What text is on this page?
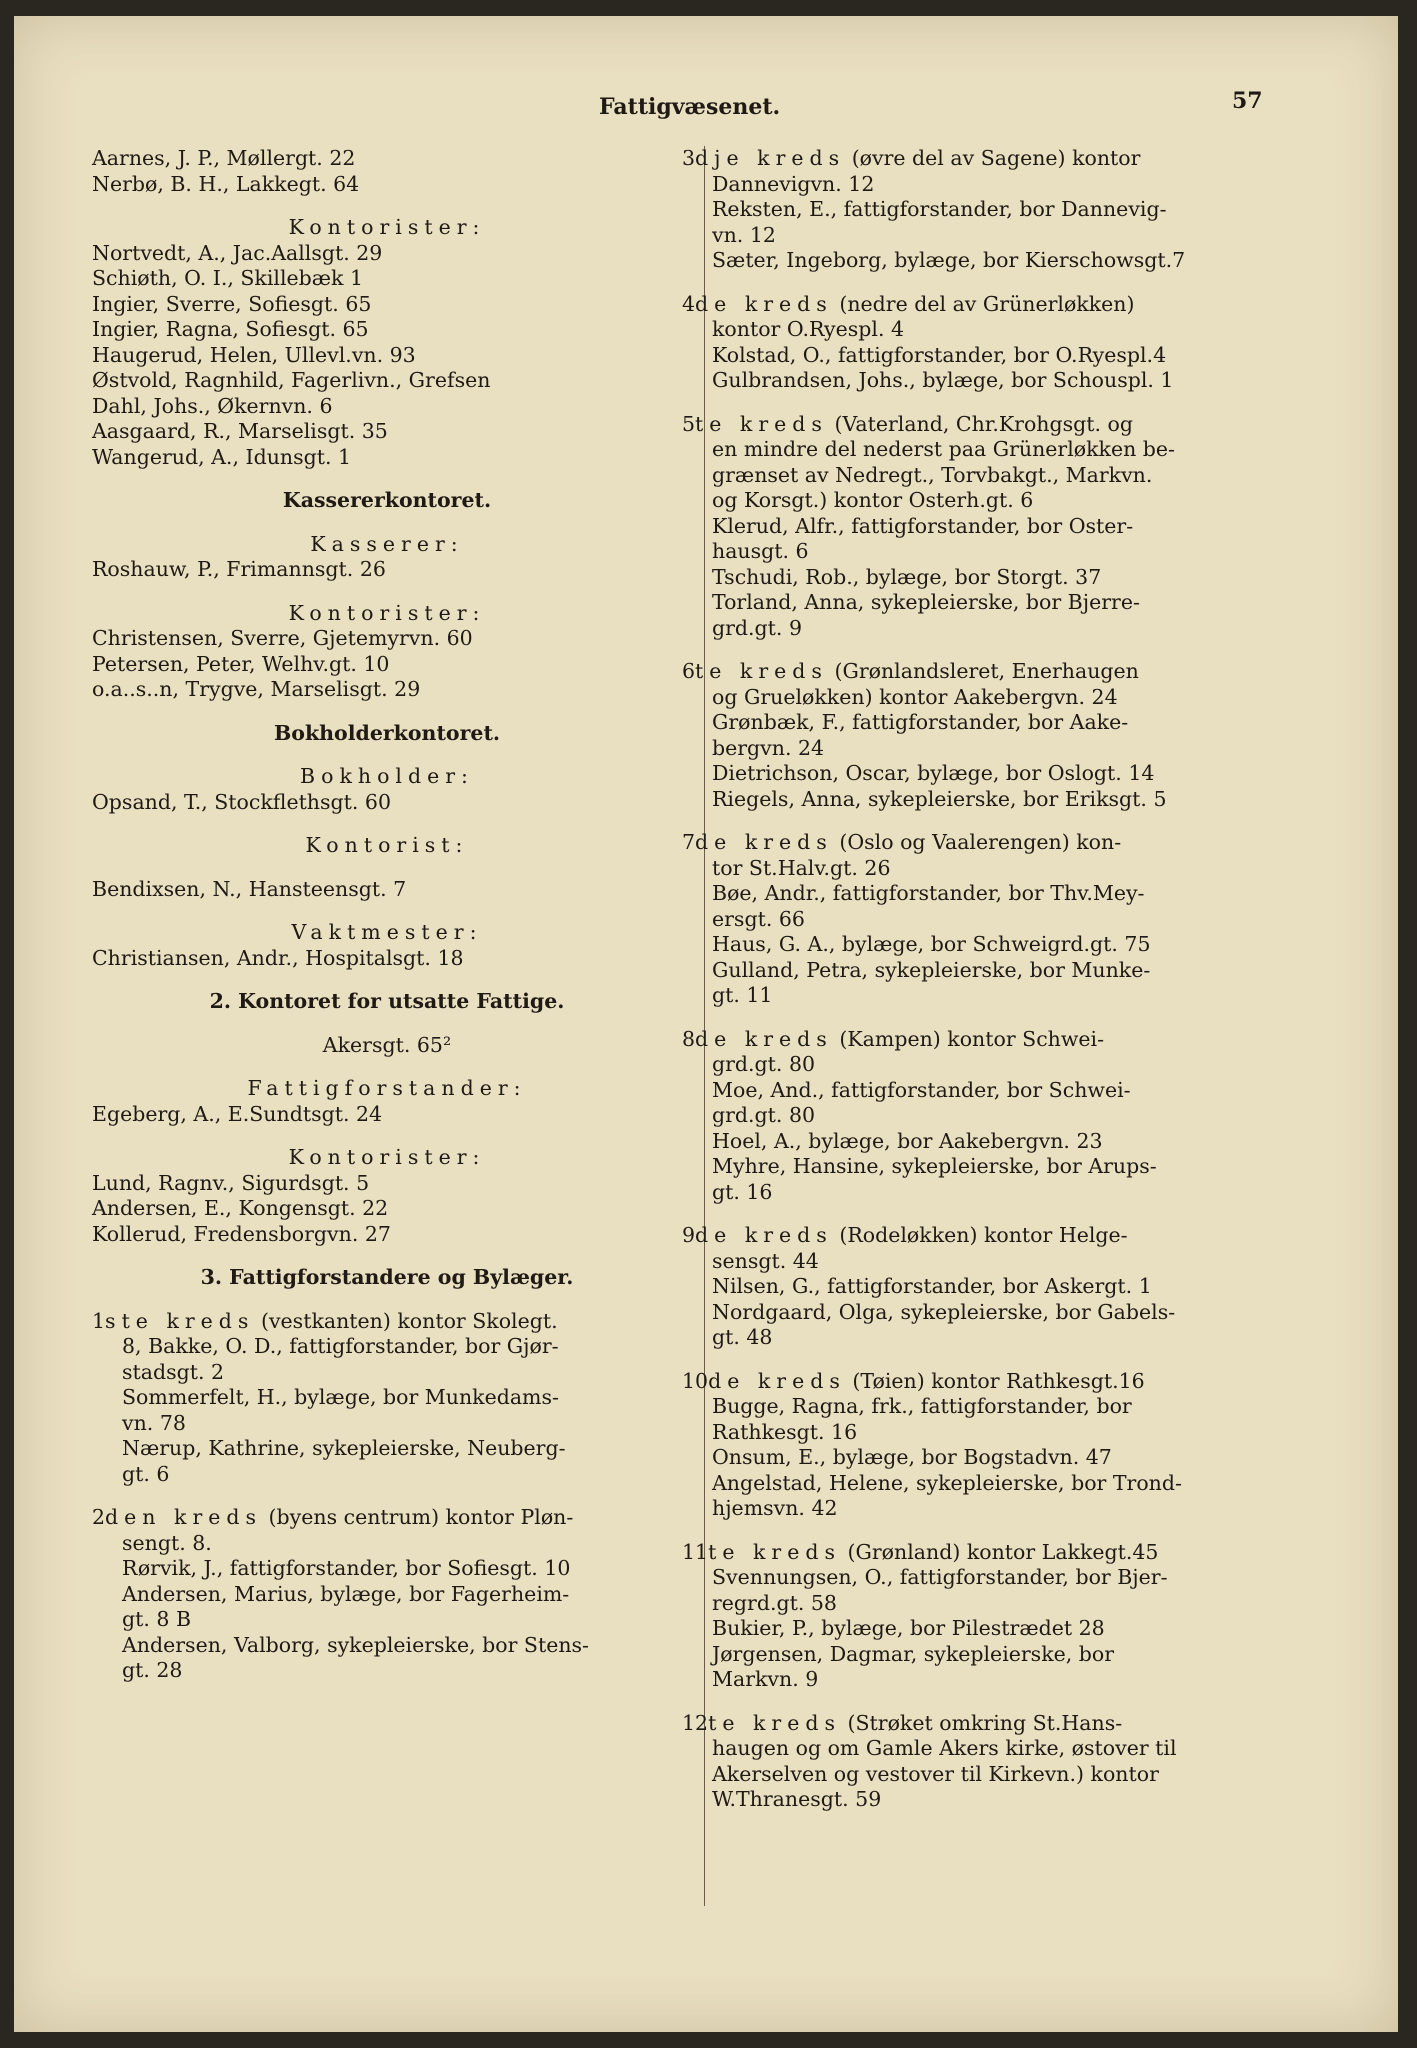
Fattigvæsenet.	57
Aarnes, J. P., Møllergt. 22
Nerbø, B. H., Lakkegt. 64
Kontorister:
Nortvedt, A., Jac.Aallsgt. 29
Schiøth, O. I., Skillebæk 1
Ingier, Sverre, Sofiesgt. 65
Ingier, Ragna, Sofiesgt. 65
Haugerud, Helen, Ullevl.vn. 93
Østvold, Ragnhild, Fagerlivn., Grefsen
Dahl, Johs., Økernvn. 6
Aasgaard, R., Marselisgt. 35
Wangerud, A., Idunsgt. 1
Kassererkontoret.
Kasserer:
Roshauw, P., Frimannsgt. 26
Kontorister:
Christensen, Sverre, Gjetemyrvn. 60
Petersen, Peter, Welhv.gt. 10
o.a..s..n, Trygve, Marselisgt. 29
Bokholderkontoret.
Bokholder:
Opsand, T., Stockflethsgt. 60
Kontorist:
Bendixsen, N., Hansteensgt. 7
Vaktmester:
Christiansen, Andr., Hospitalsgt. 18
2. Kontoret for utsatte Fattige.
Akersgt. 65²
Fattigforstander:
Egeberg, A., E.Sundtsgt. 24
Kontorister:
Lund, Ragnv., Sigurdsgt. 5
Andersen, E., Kongensgt. 22
Kollerud, Fredensborgvn. 27
3. Fattigforstandere og Bylæger.
1ste kreds (vestkanten) kontor Skolegt.
8, Bakke, O. D., fattigforstander, bor Gjør-
stadsgt. 2
Sommerfelt, H., bylæge, bor Munkedams-
vn. 78
Nærup, Kathrine, sykepleierske, Neuberg-
gt. 6
2den kreds (byens centrum) kontor Pløn-
sengt. 8.
Rørvik, J., fattigforstander, bor Sofiesgt. 10
Andersen, Marius, bylæge, bor Fagerheim-
gt. 8 B
Andersen, Valborg, sykepleierske, bor Stens-
gt. 28
3dje kreds (øvre del av Sagene) kontor
Dannevigvn. 12
Reksten, E., fattigforstander, bor Dannevig-
vn. 12
Sæter, Ingeborg, bylæge, bor Kierschowsgt.7
4de kreds (nedre del av Grünerløkken)
kontor O.Ryespl. 4
Kolstad, O., fattigforstander, bor O.Ryespl.4
Gulbrandsen, Johs., bylæge, bor Schouspl. 1
5te kreds (Vaterland, Chr.Krohgsgt. og
en mindre del nederst paa Grünerløkken be-
grænset av Nedregt., Torvbakgt., Markvn.
og Korsgt.) kontor Osterh.gt. 6
Klerud, Alfr., fattigforstander, bor Oster-
hausgt. 6
Tschudi, Rob., bylæge, bor Storgt. 37
Torland, Anna, sykepleierske, bor Bjerre-
grd.gt. 9
6te kreds (Grønlandsleret, Enerhaugen
og Grueløkken) kontor Aakebergvn. 24
Grønbæk, F., fattigforstander, bor Aake-
bergvn. 24
Dietrichson, Oscar, bylæge, bor Oslogt. 14
Riegels, Anna, sykepleierske, bor Eriksgt. 5
7de kreds (Oslo og Vaalerengen) kon-
tor St.Halv.gt. 26
Bøe, Andr., fattigforstander, bor Thv.Mey-
ersgt. 66
Haus, G. A., bylæge, bor Schweigrd.gt. 75
Gulland, Petra, sykepleierske, bor Munke-
gt. 11
8de kreds (Kampen) kontor Schwei-
grd.gt. 80
Moe, And., fattigforstander, bor Schwei-
grd.gt. 80
Hoel, A., bylæge, bor Aakebergvn. 23
Myhre, Hansine, sykepleierske, bor Arups-
gt. 16
9de kreds (Rodeløkken) kontor Helge-
sensgt. 44
Nilsen, G., fattigforstander, bor Askergt. 1
Nordgaard, Olga, sykepleierske, bor Gabels-
gt. 48
10de kreds (Tøien) kontor Rathkesgt.16
Bugge, Ragna, frk., fattigforstander, bor
Rathkesgt. 16
Onsum, E., bylæge, bor Bogstadvn. 47
Angelstad, Helene, sykepleierske, bor Trond-
hjemsvn. 42
11te kreds (Grønland) kontor Lakkegt.45
Svennungsen, O., fattigforstander, bor Bjer-
regrd.gt. 58
Bukier, P., bylæge, bor Pilestrædet 28
Jørgensen, Dagmar, sykepleierske, bor
Markvn. 9
12te kreds (Strøket omkring St.Hans-
haugen og om Gamle Akers kirke, østover til
Akerselven og vestover til Kirkevn.) kontor
W.Thranesgt. 59
